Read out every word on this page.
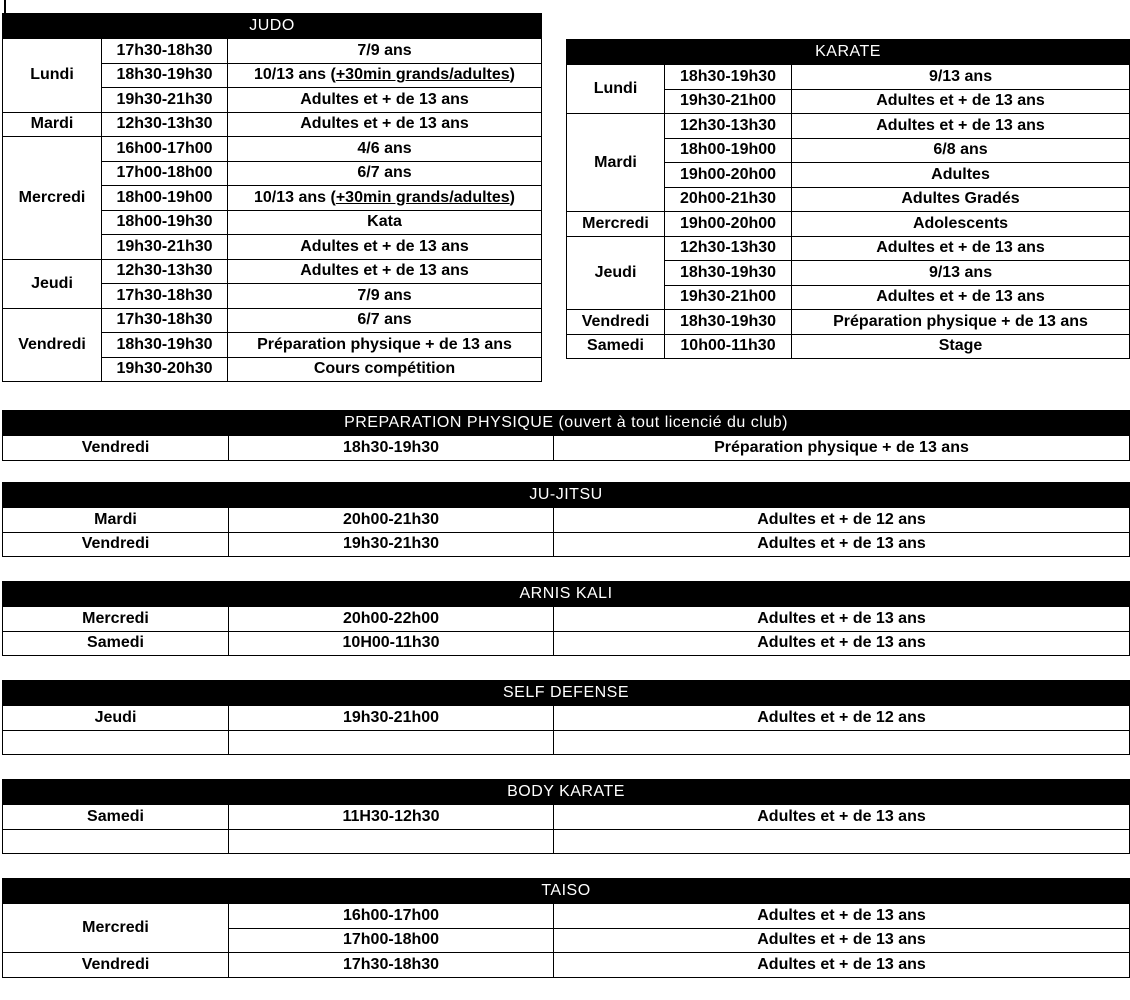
JUDO		
Lundi	17h30-18h30	7/9 ans
	18h30-19h30	10/13 ans (+30min grands/adultes)
	19h30-21h30	Adultes et + de 13 ans
Mardi	12h30-13h30	Adultes et + de 13 ans
Mercredi	16h00-17h00	4/6 ans
	17h00-18h00	6/7 ans
	18h00-19h00	10/13 ans (+30min grands/adultes)
	18h00-19h30	Kata
	19h30-21h30	Adultes et + de 13 ans
Jeudi	12h30-13h30	Adultes et + de 13 ans
	17h30-18h30	7/9 ans
Vendredi	17h30-18h30	6/7 ans
	18h30-19h30	Préparation physique + de 13 ans
	19h30-20h30	Cours compétition
KARATE		
Lundi	18h30-19h30	9/13 ans
	19h30-21h00	Adultes et + de 13 ans
Mardi	12h30-13h30	Adultes et + de 13 ans
	18h00-19h00	6/8 ans
	19h00-20h00	Adultes
	20h00-21h30	Adultes Gradés
Mercredi	19h00-20h00	Adolescents
Jeudi	12h30-13h30	Adultes et + de 13 ans
	18h30-19h30	9/13 ans
	19h30-21h00	Adultes et + de 13 ans
Vendredi	18h30-19h30	Préparation physique + de 13 ans
Samedi	10h00-11h30	Stage
PREPARATION PHYSIQUE (ouvert à tout licencié du club)
Vendredi	18h30-19h30	Préparation physique + de 13 ans
JU-JITSU		
Mardi	20h00-21h30	Adultes et + de 12 ans
Vendredi	19h30-21h30	Adultes et + de 13 ans
ARNIS KALI		
Mercredi	20h00-22h00	Adultes et + de 13 ans
Samedi	10H00-11h30	Adultes et + de 13 ans
SELF DEFENSE		
Jeudi	19h30-21h00	Adultes et + de 12 ans

BODY KARATE		
Samedi	11H30-12h30	Adultes et + de 13 ans

TAISO		
Mercredi	16h00-17h00	Adultes et + de 13 ans
	17h00-18h00	Adultes et + de 13 ans
Vendredi	17h30-18h30	Adultes et + de 13 ans
